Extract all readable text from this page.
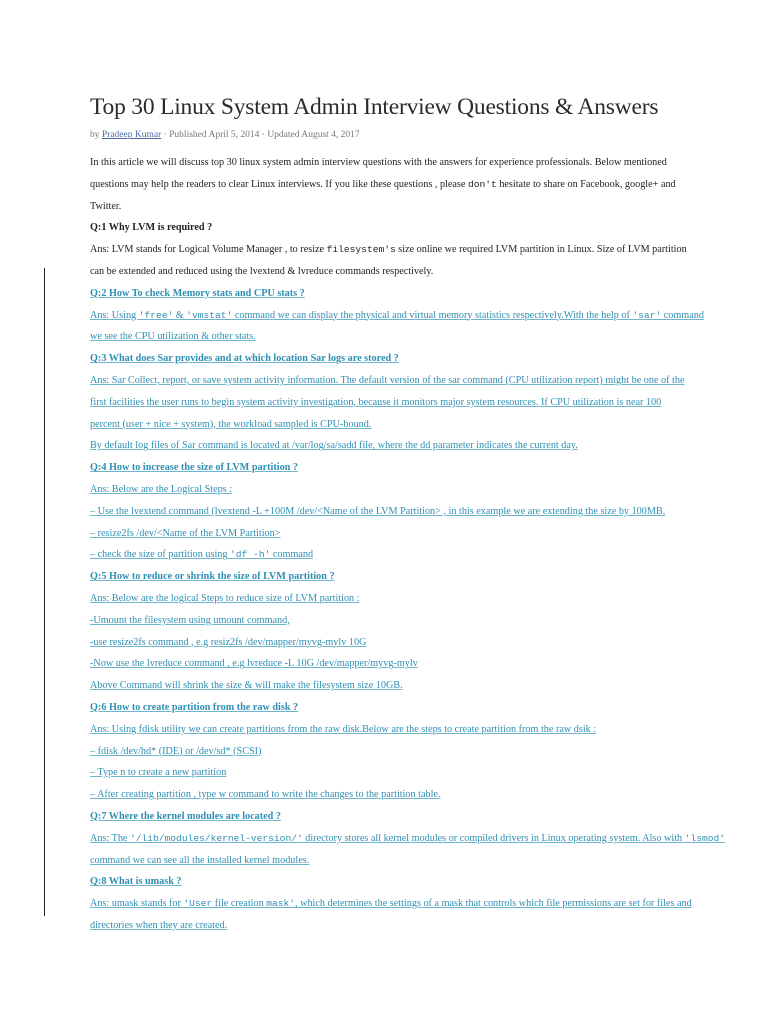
Top 30 Linux System Admin Interview Questions & Answers
by Pradeep Kumar · Published April 5, 2014 · Updated August 4, 2017

In this article we will discuss top 30 linux system admin interview questions with the answers for experience professionals. Below mentioned

questions may help the readers to clear Linux interviews. If you like these questions , please don't hesitate to share on Facebook, google+ and

Twitter.

Q:1 Why LVM is required ?

Ans: LVM stands for Logical Volume Manager , to resize filesystem's size online we required LVM partition in Linux. Size of LVM partition

can be extended and reduced using the lvextend & lvreduce commands respectively.

Q:2 How To check Memory stats and CPU stats ?

Ans: Using 'free' & 'vmstat' command we can display the physical and virtual memory statistics respectively.With the help of 'sar' command

we see the CPU utilization & other stats.

Q:3 What does Sar provides and at which location Sar logs are stored ?

Ans: Sar Collect, report, or save system activity information. The default version of the sar command (CPU utilization report) might be one of the

first facilities the user runs to begin system activity investigation, because it monitors major system resources. If CPU utilization is near 100

percent (user + nice + system), the workload sampled is CPU-bound.

By default log files of Sar command is located at /var/log/sa/sadd file, where the dd parameter indicates the current day.

Q:4 How to increase the size of LVM partition ?

Ans: Below are the Logical Steps :

– Use the lvextend command (lvextend -L +100M /dev/<Name of the LVM Partition> , in this example we are extending the size by 100MB.

– resize2fs /dev/<Name of the LVM Partition>

– check the size of partition using 'df -h' command

Q:5 How to reduce or shrink the size of LVM partition ?

Ans: Below are the logical Steps to reduce size of LVM partition :

-Umount the filesystem using umount command,

-use resize2fs command , e.g resiz2fs /dev/mapper/myvg-mylv 10G

-Now use the lvreduce command , e.g lvreduce -L 10G /dev/mapper/myvg-mylv

Above Command will shrink the size & will make the filesystem size 10GB.

Q:6 How to create partition from the raw disk ?

Ans: Using fdisk utility we can create partitions from the raw disk.Below are the steps to create partition from the raw dsik :

– fdisk /dev/hd* (IDE) or /dev/sd* (SCSI)

– Type n to create a new partition

– After creating partition , type w command to write the changes to the partition table.

Q:7 Where the kernel modules are located ?

Ans: The '/lib/modules/kernel-version/' directory stores all kernel modules or compiled drivers in Linux operating system. Also with 'lsmod'

command we can see all the installed kernel modules.

Q:8 What is umask ?

Ans: umask stands for 'User file creation mask', which determines the settings of a mask that controls which file permissions are set for files and

directories when they are created.
